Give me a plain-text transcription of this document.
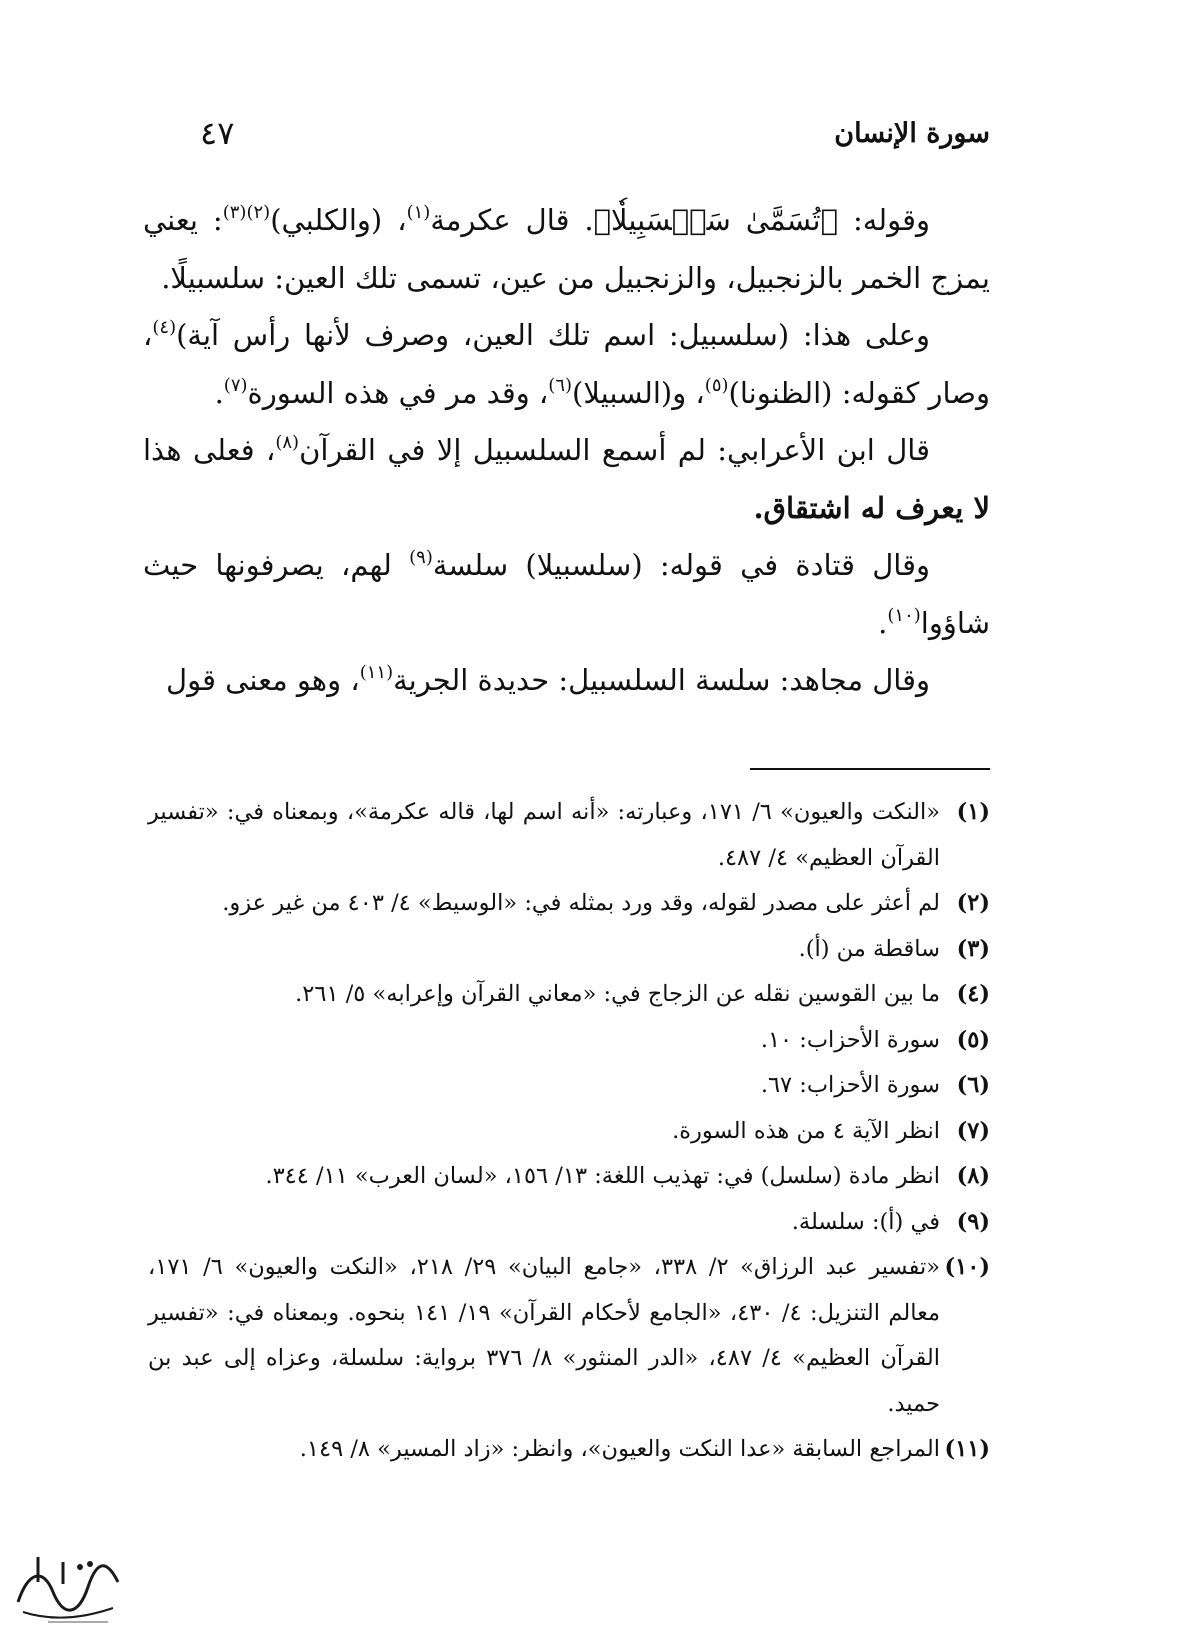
سورة الإنسان
٤٧

وقوله: ﴿تُسَمَّىٰ سَلۡسَبِيلٗا﴾. قال عكرمة$^{(١)}$، (والكلبي)$^{(٢)(٣)}$: يعني يمزج الخمر بالزنجبيل، والزنجبيل من عين، تسمى تلك العين: سلسبيلًا.

وعلى هذا: (سلسبيل: اسم تلك العين، وصرف لأنها رأس آية)$^{(٤)}$، وصار كقوله: (الظنونا)$^{(٥)}$، و(السبيلا)$^{(٦)}$، وقد مر في هذه السورة$^{(٧)}$.

قال ابن الأعرابي: لم أسمع السلسبيل إلا في القرآن$^{(٨)}$، فعلى هذا لا يعرف له اشتقاق.

وقال قتادة في قوله: (سلسبيلا) سلسة$^{(٩)}$ لهم، يصرفونها حيث شاؤوا$^{(١٠)}$.

وقال مجاهد: سلسة السلسبيل: حديدة الجرية$^{(١١)}$، وهو معنى قول

(١)
«النكت والعيون» ٦/ ١٧١، وعبارته: «أنه اسم لها، قاله عكرمة»، وبمعناه في: «تفسير القرآن العظيم» ٤/ ٤٨٧.
(٢)
لم أعثر على مصدر لقوله، وقد ورد بمثله في: «الوسيط» ٤/ ٤٠٣ من غير عزو.
(٣)
ساقطة من (أ).
(٤)
ما بين القوسين نقله عن الزجاج في: «معاني القرآن وإعرابه» ٥/ ٢٦١.
(٥)
سورة الأحزاب: ١٠.
(٦)
سورة الأحزاب: ٦٧.
(٧)
انظر الآية ٤ من هذه السورة.
(٨)
انظر مادة (سلسل) في: تهذيب اللغة: ١٣/ ١٥٦، «لسان العرب» ١١/ ٣٤٤.
(٩)
في (أ): سلسلة.
(١٠)
«تفسير عبد الرزاق» ٢/ ٣٣٨، «جامع البيان» ٢٩/ ٢١٨، «النكت والعيون» ٦/ ١٧١، معالم التنزيل: ٤/ ٤٣٠، «الجامع لأحكام القرآن» ١٩/ ١٤١ بنحوه. وبمعناه في: «تفسير القرآن العظيم» ٤/ ٤٨٧، «الدر المنثور» ٨/ ٣٧٦ برواية: سلسلة، وعزاه إلى عبد بن حميد.
(١١)
المراجع السابقة «عدا النكت والعيون»، وانظر: «زاد المسير» ٨/ ١٤٩.
